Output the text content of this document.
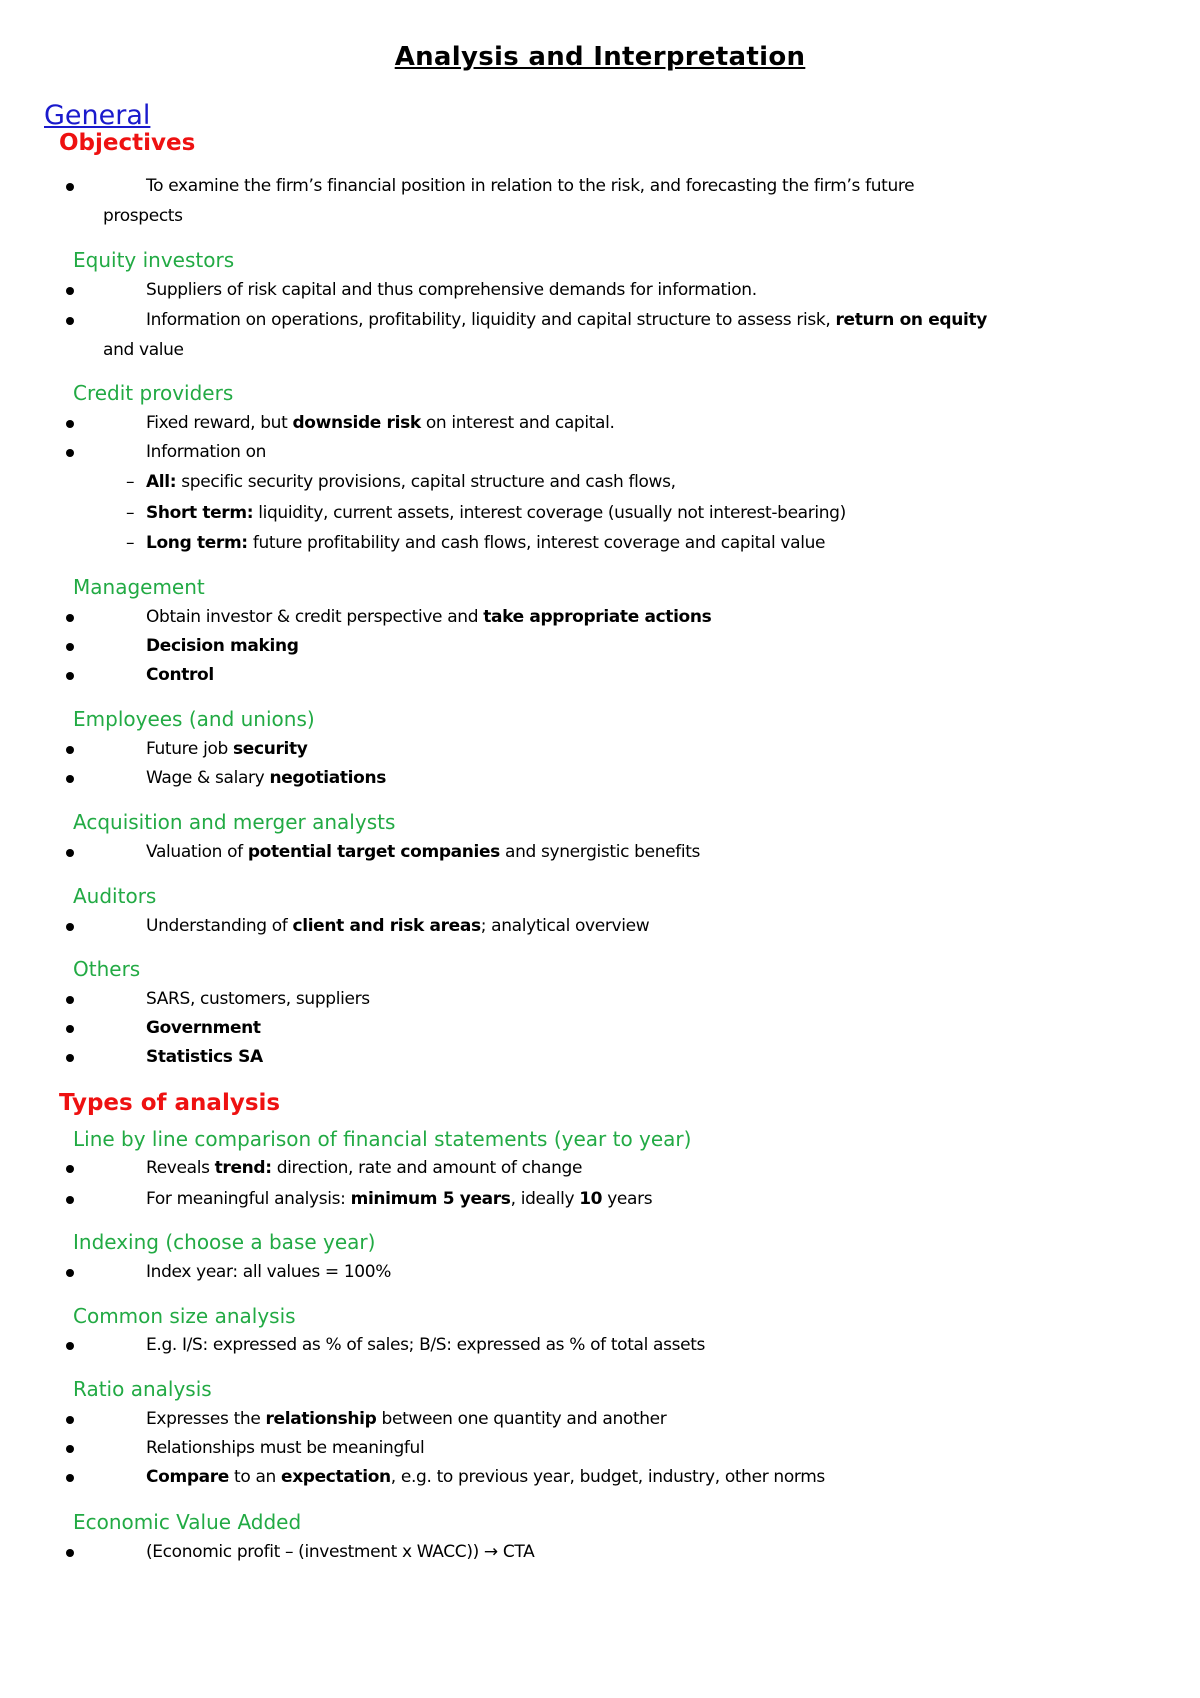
Analysis and Interpretation
General
Objectives
To examine the firm’s financial position in relation to the risk, and forecasting the firm’s future
prospects
Equity investors
Suppliers of risk capital and thus comprehensive demands for information.
Information on operations, profitability, liquidity and capital structure to assess risk, return on equity
and value
Credit providers
Fixed reward, but downside risk on interest and capital.
Information on
– All: specific security provisions, capital structure and cash flows,
– Short term: liquidity, current assets, interest coverage (usually not interest-bearing)
– Long term: future profitability and cash flows, interest coverage and capital value
Management
Obtain investor & credit perspective and take appropriate actions
Decision making
Control
Employees (and unions)
Future job security
Wage & salary negotiations
Acquisition and merger analysts
Valuation of potential target companies and synergistic benefits
Auditors
Understanding of client and risk areas; analytical overview
Others
SARS, customers, suppliers
Government
Statistics SA
Types of analysis
Line by line comparison of financial statements (year to year)
Reveals trend: direction, rate and amount of change
For meaningful analysis: minimum 5 years, ideally 10 years
Indexing (choose a base year)
Index year: all values = 100%
Common size analysis
E.g. I/S: expressed as % of sales; B/S: expressed as % of total assets
Ratio analysis
Expresses the relationship between one quantity and another
Relationships must be meaningful
Compare to an expectation, e.g. to previous year, budget, industry, other norms
Economic Value Added
(Economic profit – (investment x WACC)) → CTA
